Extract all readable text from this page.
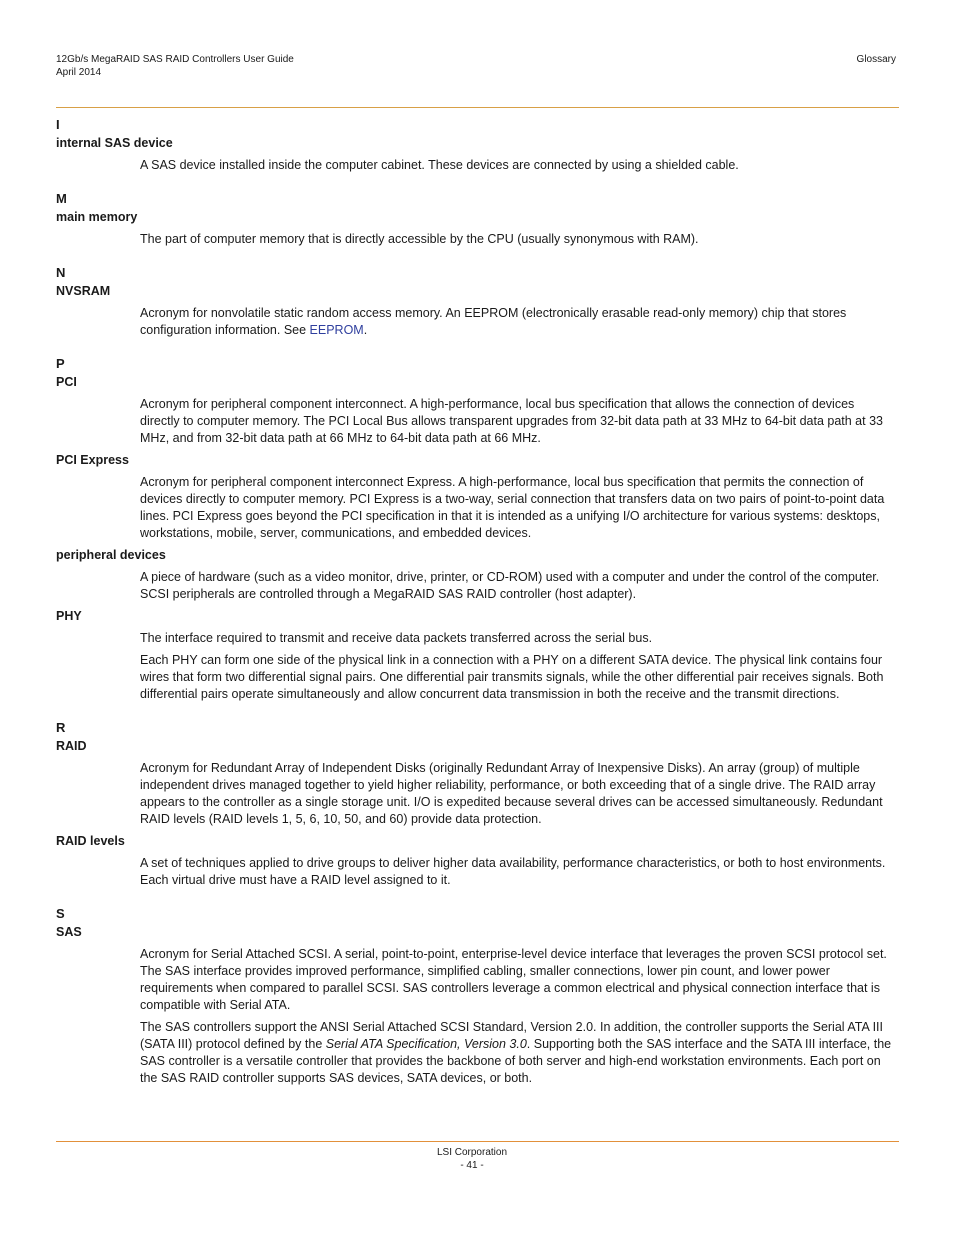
12Gb/s MegaRAID SAS RAID Controllers User Guide
April 2014
Glossary
I
internal SAS device
A SAS device installed inside the computer cabinet. These devices are connected by using a shielded cable.
M
main memory
The part of computer memory that is directly accessible by the CPU (usually synonymous with RAM).
N
NVSRAM
Acronym for nonvolatile static random access memory. An EEPROM (electronically erasable read-only memory) chip that stores configuration information. See EEPROM.
P
PCI
Acronym for peripheral component interconnect. A high-performance, local bus specification that allows the connection of devices directly to computer memory. The PCI Local Bus allows transparent upgrades from 32-bit data path at 33 MHz to 64-bit data path at 33 MHz, and from 32-bit data path at 66 MHz to 64-bit data path at 66 MHz.
PCI Express
Acronym for peripheral component interconnect Express. A high-performance, local bus specification that permits the connection of devices directly to computer memory. PCI Express is a two-way, serial connection that transfers data on two pairs of point-to-point data lines. PCI Express goes beyond the PCI specification in that it is intended as a unifying I/O architecture for various systems: desktops, workstations, mobile, server, communications, and embedded devices.
peripheral devices
A piece of hardware (such as a video monitor, drive, printer, or CD-ROM) used with a computer and under the control of the computer. SCSI peripherals are controlled through a MegaRAID SAS RAID controller (host adapter).
PHY
The interface required to transmit and receive data packets transferred across the serial bus.
Each PHY can form one side of the physical link in a connection with a PHY on a different SATA device. The physical link contains four wires that form two differential signal pairs. One differential pair transmits signals, while the other differential pair receives signals. Both differential pairs operate simultaneously and allow concurrent data transmission in both the receive and the transmit directions.
R
RAID
Acronym for Redundant Array of Independent Disks (originally Redundant Array of Inexpensive Disks). An array (group) of multiple independent drives managed together to yield higher reliability, performance, or both exceeding that of a single drive. The RAID array appears to the controller as a single storage unit. I/O is expedited because several drives can be accessed simultaneously. Redundant RAID levels (RAID levels 1, 5, 6, 10, 50, and 60) provide data protection.
RAID levels
A set of techniques applied to drive groups to deliver higher data availability, performance characteristics, or both to host environments. Each virtual drive must have a RAID level assigned to it.
S
SAS
Acronym for Serial Attached SCSI. A serial, point-to-point, enterprise-level device interface that leverages the proven SCSI protocol set. The SAS interface provides improved performance, simplified cabling, smaller connections, lower pin count, and lower power requirements when compared to parallel SCSI. SAS controllers leverage a common electrical and physical connection interface that is compatible with Serial ATA.
The SAS controllers support the ANSI Serial Attached SCSI Standard, Version 2.0. In addition, the controller supports the Serial ATA III (SATA III) protocol defined by the Serial ATA Specification, Version 3.0. Supporting both the SAS interface and the SATA III interface, the SAS controller is a versatile controller that provides the backbone of both server and high-end workstation environments. Each port on the SAS RAID controller supports SAS devices, SATA devices, or both.
LSI Corporation
- 41 -
